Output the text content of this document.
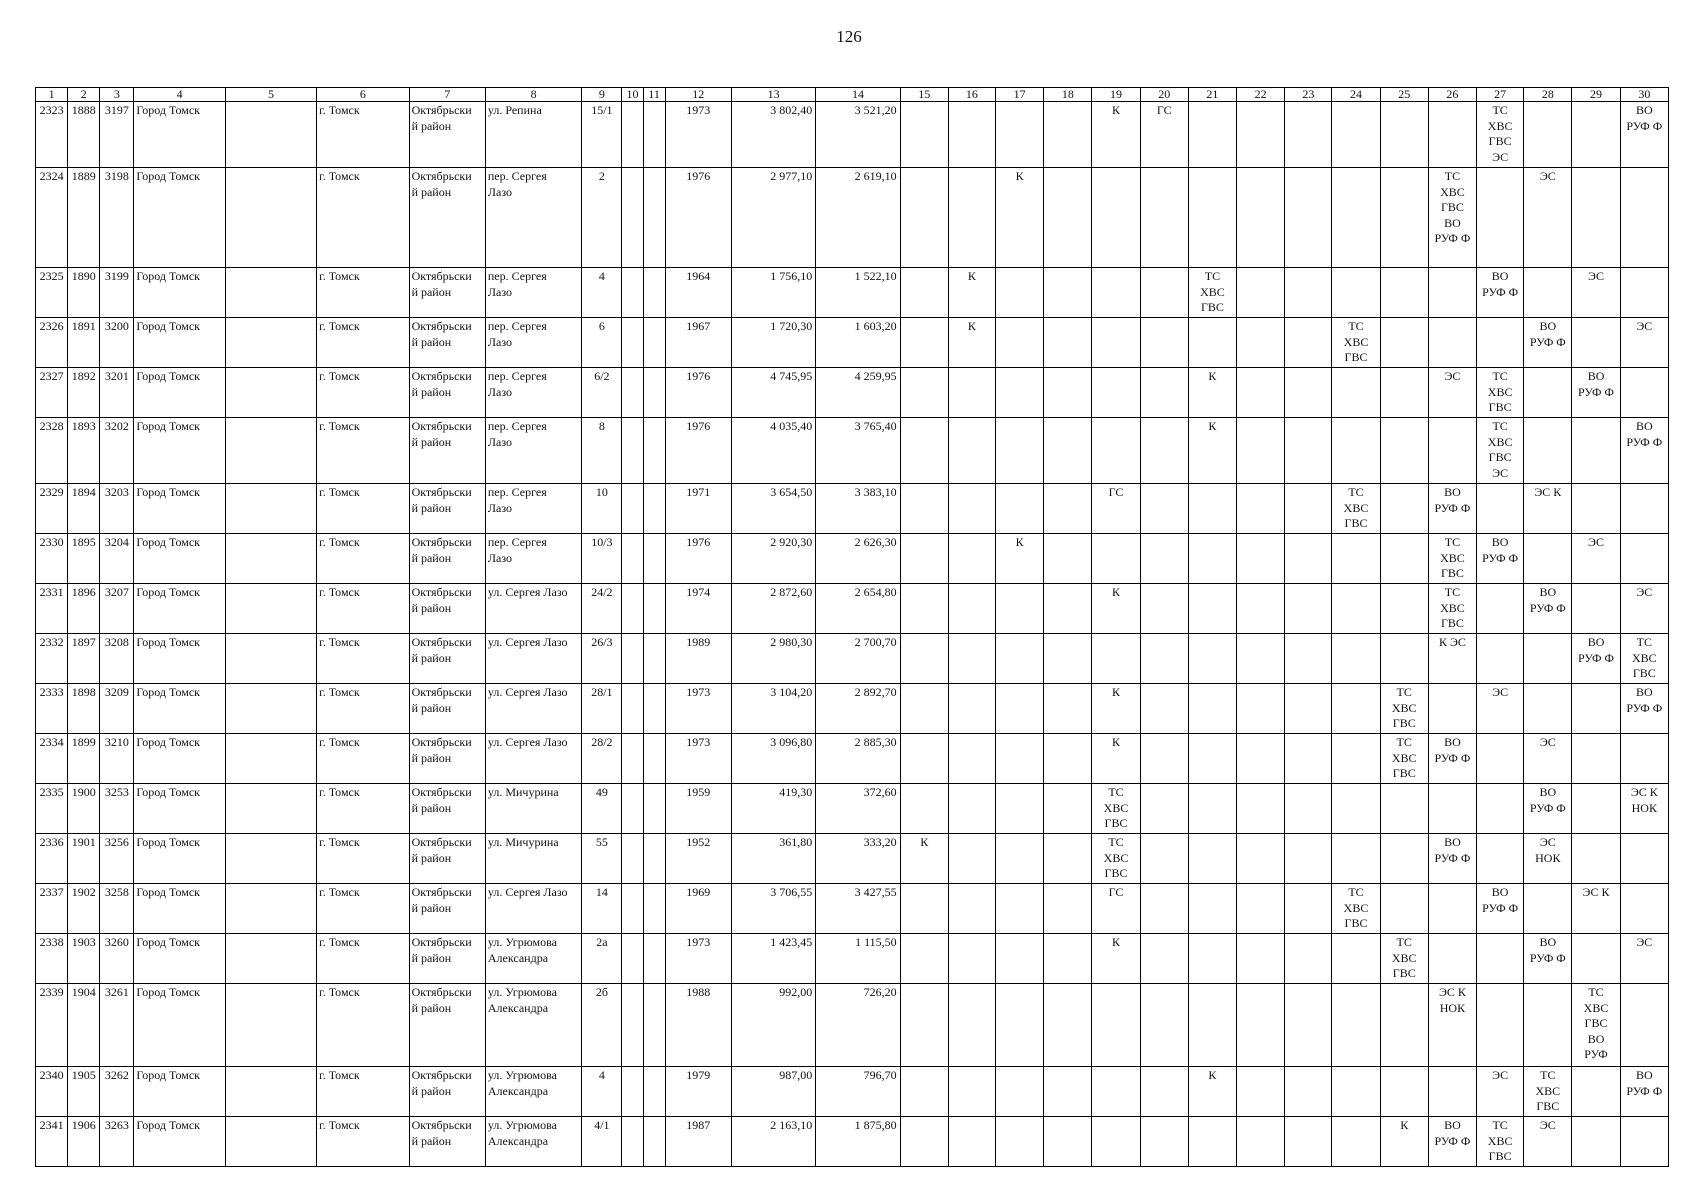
126
1	2	3	4	5	6	7	8	9	10	11	12	13	14	15	16	17	18	19	20	21	22	23	24	25	26	27	28	29	30
2323	1888	3197	Город Томск		г. Томск	Октябрьски
й район	ул. Репина	15/1			1973	3 802,40	3 521,20					К	ГС							ТС
ХВС
ГВС
ЭС			ВО
РУФ Ф
2324	1889	3198	Город Томск		г. Томск	Октябрьски
й район	пер. Сергея
Лазо	2			1976	2 977,10	2 619,10			К									ТС
ХВС
ГВС
ВО
РУФ Ф		ЭС		
2325	1890	3199	Город Томск		г. Томск	Октябрьски
й район	пер. Сергея
Лазо	4			1964	1 756,10	1 522,10		К					ТС
ХВС
ГВС						ВО
РУФ Ф		ЭС	
2326	1891	3200	Город Томск		г. Томск	Октябрьски
й район	пер. Сергея
Лазо	6			1967	1 720,30	1 603,20		К								ТС
ХВС
ГВС				ВО
РУФ Ф		ЭС
2327	1892	3201	Город Томск		г. Томск	Октябрьски
й район	пер. Сергея
Лазо	6/2			1976	4 745,95	4 259,95							К					ЭС	ТС
ХВС
ГВС		ВО
РУФ Ф	
2328	1893	3202	Город Томск		г. Томск	Октябрьски
й район	пер. Сергея
Лазо	8			1976	4 035,40	3 765,40							К						ТС
ХВС
ГВС
ЭС			ВО
РУФ Ф
2329	1894	3203	Город Томск		г. Томск	Октябрьски
й район	пер. Сергея
Лазо	10			1971	3 654,50	3 383,10					ГС					ТС
ХВС
ГВС		ВО
РУФ Ф		ЭС К		
2330	1895	3204	Город Томск		г. Томск	Октябрьски
й район	пер. Сергея
Лазо	10/3			1976	2 920,30	2 626,30			К									ТС
ХВС
ГВС	ВО
РУФ Ф		ЭС	
2331	1896	3207	Город Томск		г. Томск	Октябрьски
й район	ул. Сергея Лазо	24/2			1974	2 872,60	2 654,80					К							ТС
ХВС
ГВС		ВО
РУФ Ф		ЭС
2332	1897	3208	Город Томск		г. Томск	Октябрьски
й район	ул. Сергея Лазо	26/3			1989	2 980,30	2 700,70												К ЭС			ВО
РУФ Ф	ТС
ХВС
ГВС
2333	1898	3209	Город Томск		г. Томск	Октябрьски
й район	ул. Сергея Лазо	28/1			1973	3 104,20	2 892,70					К						ТС
ХВС
ГВС		ЭС			ВО
РУФ Ф
2334	1899	3210	Город Томск		г. Томск	Октябрьски
й район	ул. Сергея Лазо	28/2			1973	3 096,80	2 885,30					К						ТС
ХВС
ГВС	ВО
РУФ Ф		ЭС		
2335	1900	3253	Город Томск		г. Томск	Октябрьски
й район	ул. Мичурина	49			1959	419,30	372,60					ТС
ХВС
ГВС									ВО
РУФ Ф		ЭС К
НОК
2336	1901	3256	Город Томск		г. Томск	Октябрьски
й район	ул. Мичурина	55			1952	361,80	333,20	К				ТС
ХВС
ГВС							ВО
РУФ Ф		ЭС
НОК		
2337	1902	3258	Город Томск		г. Томск	Октябрьски
й район	ул. Сергея Лазо	14			1969	3 706,55	3 427,55					ГС					ТС
ХВС
ГВС			ВО
РУФ Ф		ЭС К	
2338	1903	3260	Город Томск		г. Томск	Октябрьски
й район	ул. Угрюмова
Александра	2а			1973	1 423,45	1 115,50					К						ТС
ХВС
ГВС			ВО
РУФ Ф		ЭС
2339	1904	3261	Город Томск		г. Томск	Октябрьски
й район	ул. Угрюмова
Александра	2б			1988	992,00	726,20												ЭС К
НОК			ТС
ХВС
ГВС
ВО
РУФ	
2340	1905	3262	Город Томск		г. Томск	Октябрьски
й район	ул. Угрюмова
Александра	4			1979	987,00	796,70							К						ЭС	ТС
ХВС
ГВС		ВО
РУФ Ф
2341	1906	3263	Город Томск		г. Томск	Октябрьски
й район	ул. Угрюмова
Александра	4/1			1987	2 163,10	1 875,80											К	ВО
РУФ Ф	ТС
ХВС
ГВС	ЭС		
